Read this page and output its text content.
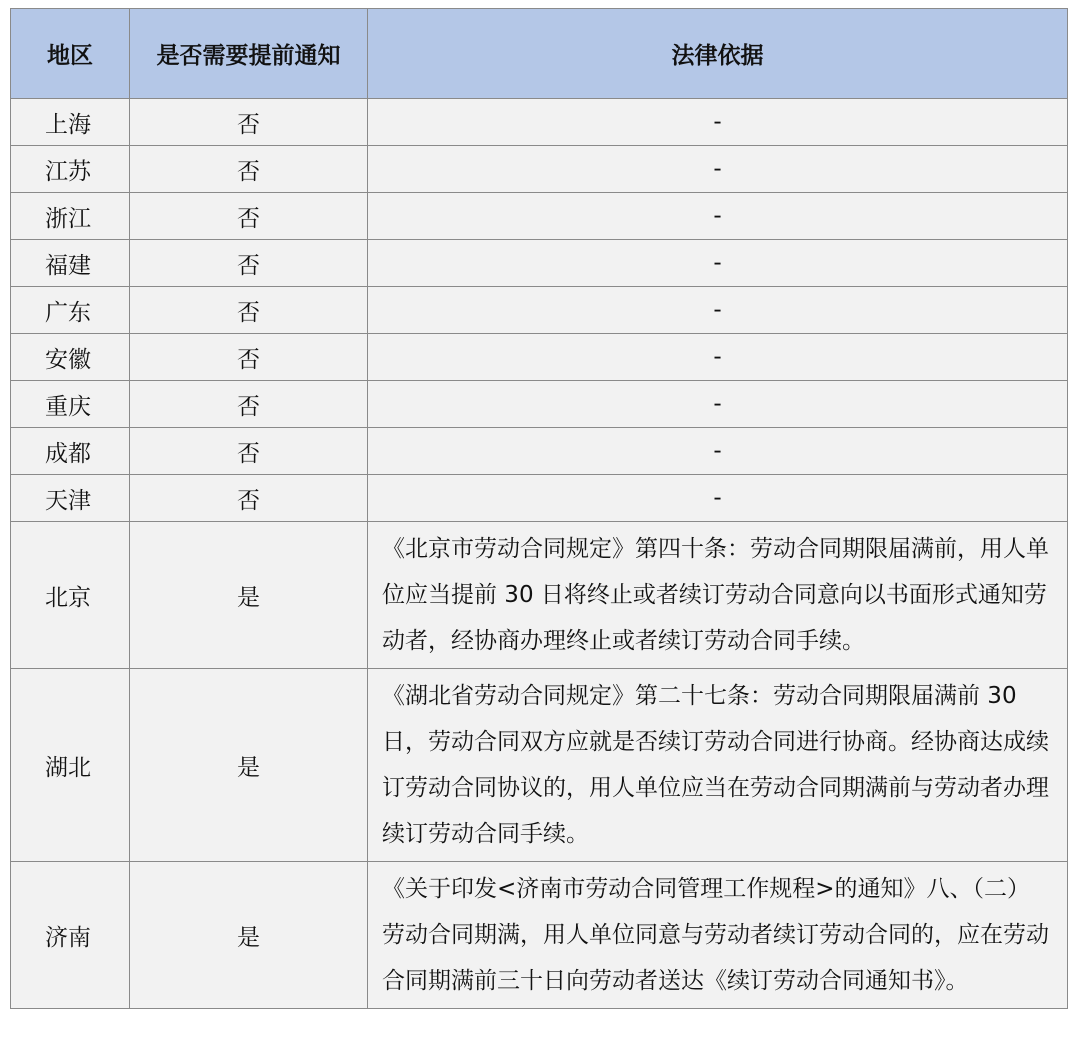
地区	是否需要提前通知	法律依据
上海	否	-
江苏	否	-
浙江	否	-
福建	否	-
广东	否	-
安徽	否	-
重庆	否	-
成都	否	-
天津	否	-
北京	是	《北京市劳动合同规定》第四十条：劳动合同期限届满前，用人单位应当提前 30 日将终止或者续订劳动合同意向以书面形式通知劳动者，经协商办理终止或者续订劳动合同手续。
湖北	是	《湖北省劳动合同规定》第二十七条：劳动合同期限届满前 30 日，劳动合同双方应就是否续订劳动合同进行协商。经协商达成续订劳动合同协议的，用人单位应当在劳动合同期满前与劳动者办理续订劳动合同手续。
济南	是	《关于印发<济南市劳动合同管理工作规程>的通知》八、（二）劳动合同期满，用人单位同意与劳动者续订劳动合同的，应在劳动合同期满前三十日向劳动者送达《续订劳动合同通知书》。
